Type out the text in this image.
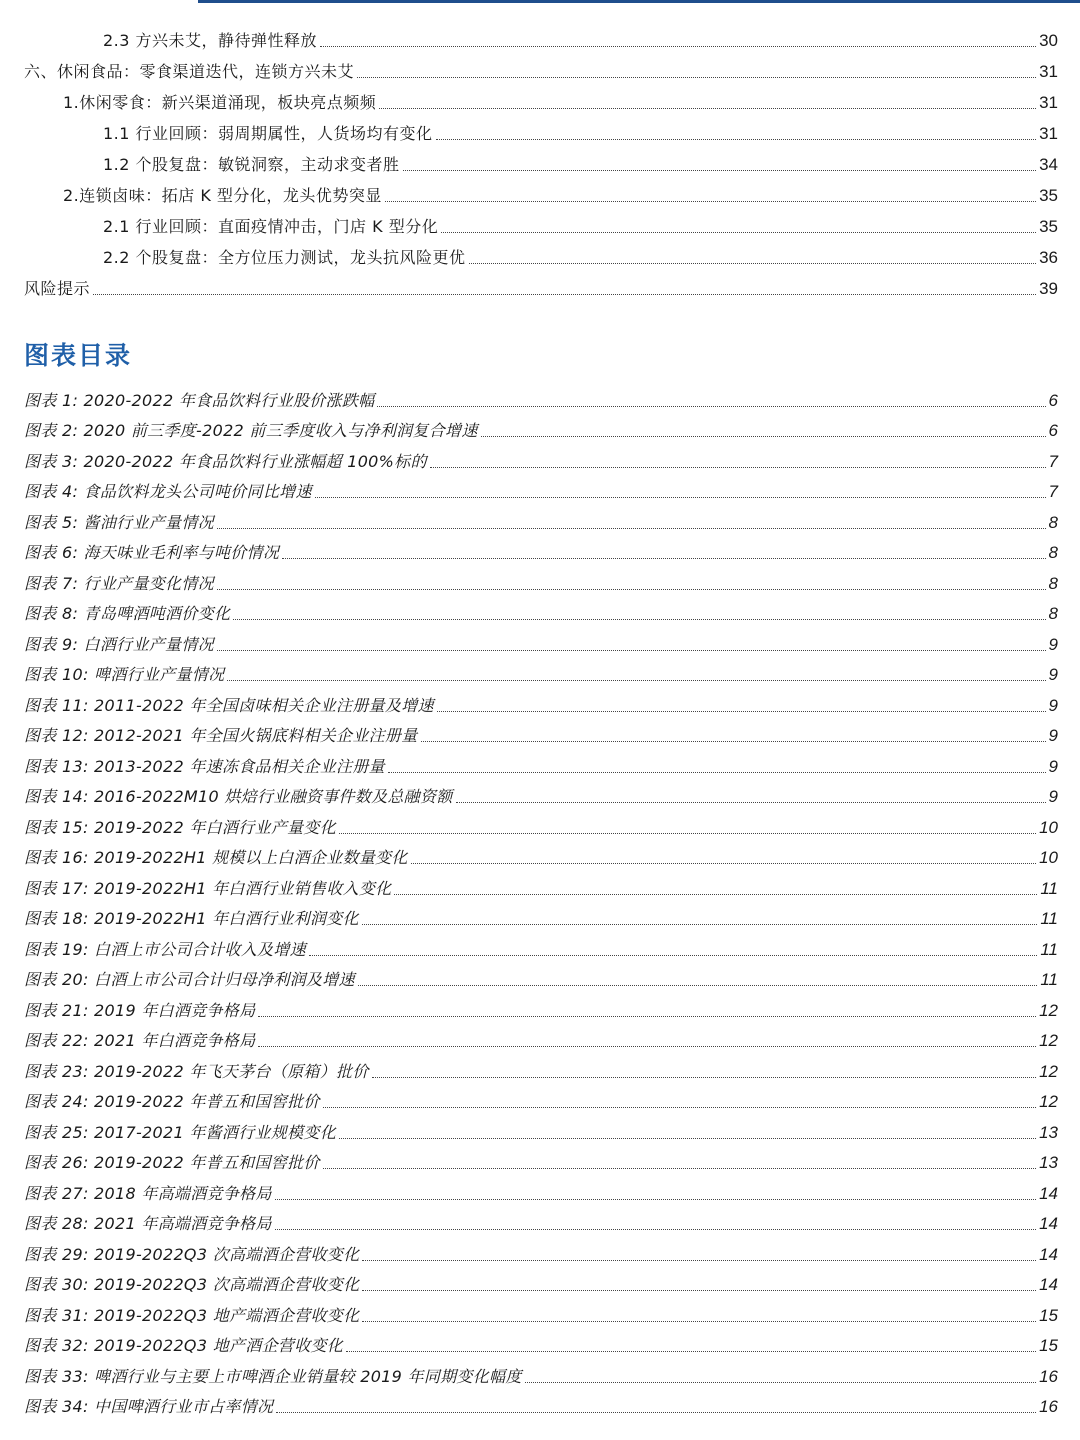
2.3 方兴未艾，静待弹性释放	30
六、休闲食品：零食渠道迭代，连锁方兴未艾	31
1.休闲零食：新兴渠道涌现，板块亮点频频	31
1.1 行业回顾：弱周期属性，人货场均有变化	31
1.2 个股复盘：敏锐洞察，主动求变者胜	34
2.连锁卤味：拓店 K 型分化，龙头优势突显	35
2.1 行业回顾：直面疫情冲击，门店 K 型分化	35
2.2 个股复盘：全方位压力测试，龙头抗风险更优	36
风险提示	39
图表目录
图表 1: 2020-2022 年食品饮料行业股价涨跌幅	6
图表 2: 2020 前三季度-2022 前三季度收入与净利润复合增速	6
图表 3: 2020-2022 年食品饮料行业涨幅超 100%标的	7
图表 4: 食品饮料龙头公司吨价同比增速	7
图表 5: 酱油行业产量情况	8
图表 6: 海天味业毛利率与吨价情况	8
图表 7: 行业产量变化情况	8
图表 8: 青岛啤酒吨酒价变化	8
图表 9: 白酒行业产量情况	9
图表 10: 啤酒行业产量情况	9
图表 11: 2011-2022 年全国卤味相关企业注册量及增速	9
图表 12: 2012-2021 年全国火锅底料相关企业注册量	9
图表 13: 2013-2022 年速冻食品相关企业注册量	9
图表 14: 2016-2022M10 烘焙行业融资事件数及总融资额	9
图表 15: 2019-2022 年白酒行业产量变化	10
图表 16: 2019-2022H1 规模以上白酒企业数量变化	10
图表 17: 2019-2022H1 年白酒行业销售收入变化	11
图表 18: 2019-2022H1 年白酒行业利润变化	11
图表 19: 白酒上市公司合计收入及增速	11
图表 20: 白酒上市公司合计归母净利润及增速	11
图表 21: 2019 年白酒竞争格局	12
图表 22: 2021 年白酒竞争格局	12
图表 23: 2019-2022 年飞天茅台（原箱）批价	12
图表 24: 2019-2022 年普五和国窖批价	12
图表 25: 2017-2021 年酱酒行业规模变化	13
图表 26: 2019-2022 年普五和国窖批价	13
图表 27: 2018 年高端酒竞争格局	14
图表 28: 2021 年高端酒竞争格局	14
图表 29: 2019-2022Q3 次高端酒企营收变化	14
图表 30: 2019-2022Q3 次高端酒企营收变化	14
图表 31: 2019-2022Q3 地产端酒企营收变化	15
图表 32: 2019-2022Q3 地产酒企营收变化	15
图表 33: 啤酒行业与主要上市啤酒企业销量较 2019 年同期变化幅度	16
图表 34: 中国啤酒行业市占率情况	16
